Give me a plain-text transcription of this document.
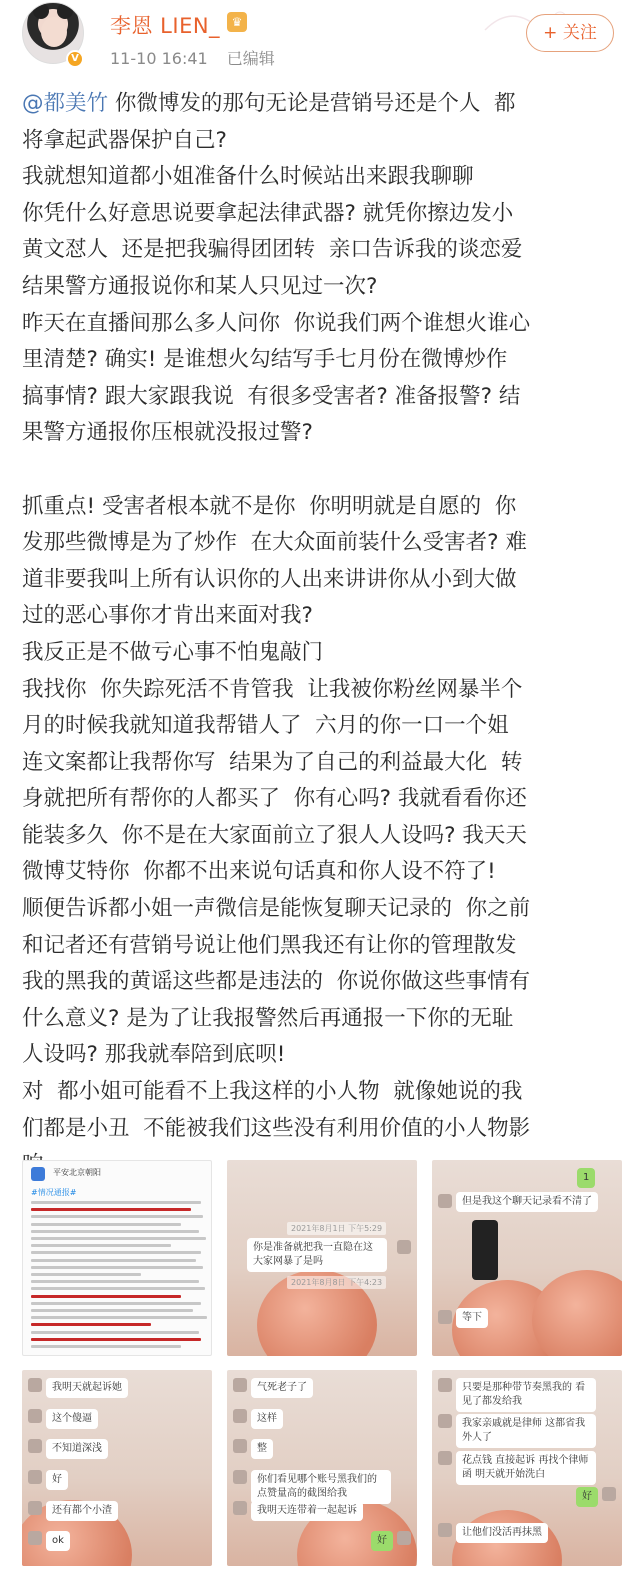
V
李恩 LIEN_ ♛
11-10 16:41 已编辑
+ 关注

@都美竹 你微博发的那句无论是营销号还是个人  都

将拿起武器保护自己?

我就想知道都小姐准备什么时候站出来跟我聊聊

你凭什么好意思说要拿起法律武器? 就凭你擦边发小

黄文怼人  还是把我骗得团团转  亲口告诉我的谈恋爱

结果警方通报说你和某人只见过一次?

昨天在直播间那么多人问你  你说我们两个谁想火谁心

里清楚? 确实! 是谁想火勾结写手七月份在微博炒作

搞事情? 跟大家跟我说  有很多受害者? 准备报警? 结

果警方通报你压根就没报过警?

抓重点! 受害者根本就不是你  你明明就是自愿的  你

发那些微博是为了炒作  在大众面前装什么受害者? 难

道非要我叫上所有认识你的人出来讲讲你从小到大做

过的恶心事你才肯出来面对我?

我反正是不做亏心事不怕鬼敲门

我找你  你失踪死活不肯管我  让我被你粉丝网暴半个

月的时候我就知道我帮错人了  六月的你一口一个姐

连文案都让我帮你写  结果为了自己的利益最大化  转

身就把所有帮你的人都买了  你有心吗? 我就看看你还

能装多久  你不是在大家面前立了狠人人设吗? 我天天

微博艾特你  你都不出来说句话真和你人设不符了!

顺便告诉都小姐一声微信是能恢复聊天记录的  你之前

和记者还有营销号说让他们黑我还有让你的管理散发

我的黑我的黄谣这些都是违法的  你说你做这些事情有

什么意义? 是为了让我报警然后再通报一下你的无耻

人设吗? 那我就奉陪到底呗!

对  都小姐可能看不上我这样的小人物  就像她说的我

们都是小丑  不能被我们这些没有利用价值的小人物影

平安北京朝阳
#情况通报#
2021年8月1日 下午5:29
你是准备就把我一直隐在这大家网暴了是吗
2021年8月8日 下午4:23
1
但是我这个聊天记录看不清了
等下
我明天就起诉她
这个傻逼
不知道深浅
好
还有都个小渣
ok
气死老子了
这样
整
你们看见哪个账号黑我们的 点赞量高的截图给我
我明天连带着一起起诉
好
只要是那种带节奏黑我的 看见了都发给我
我家亲戚就是律师 这都省我外人了
花点钱 直接起诉 再找个律师函 明天就开始洗白
好
让他们没活再抹黑
